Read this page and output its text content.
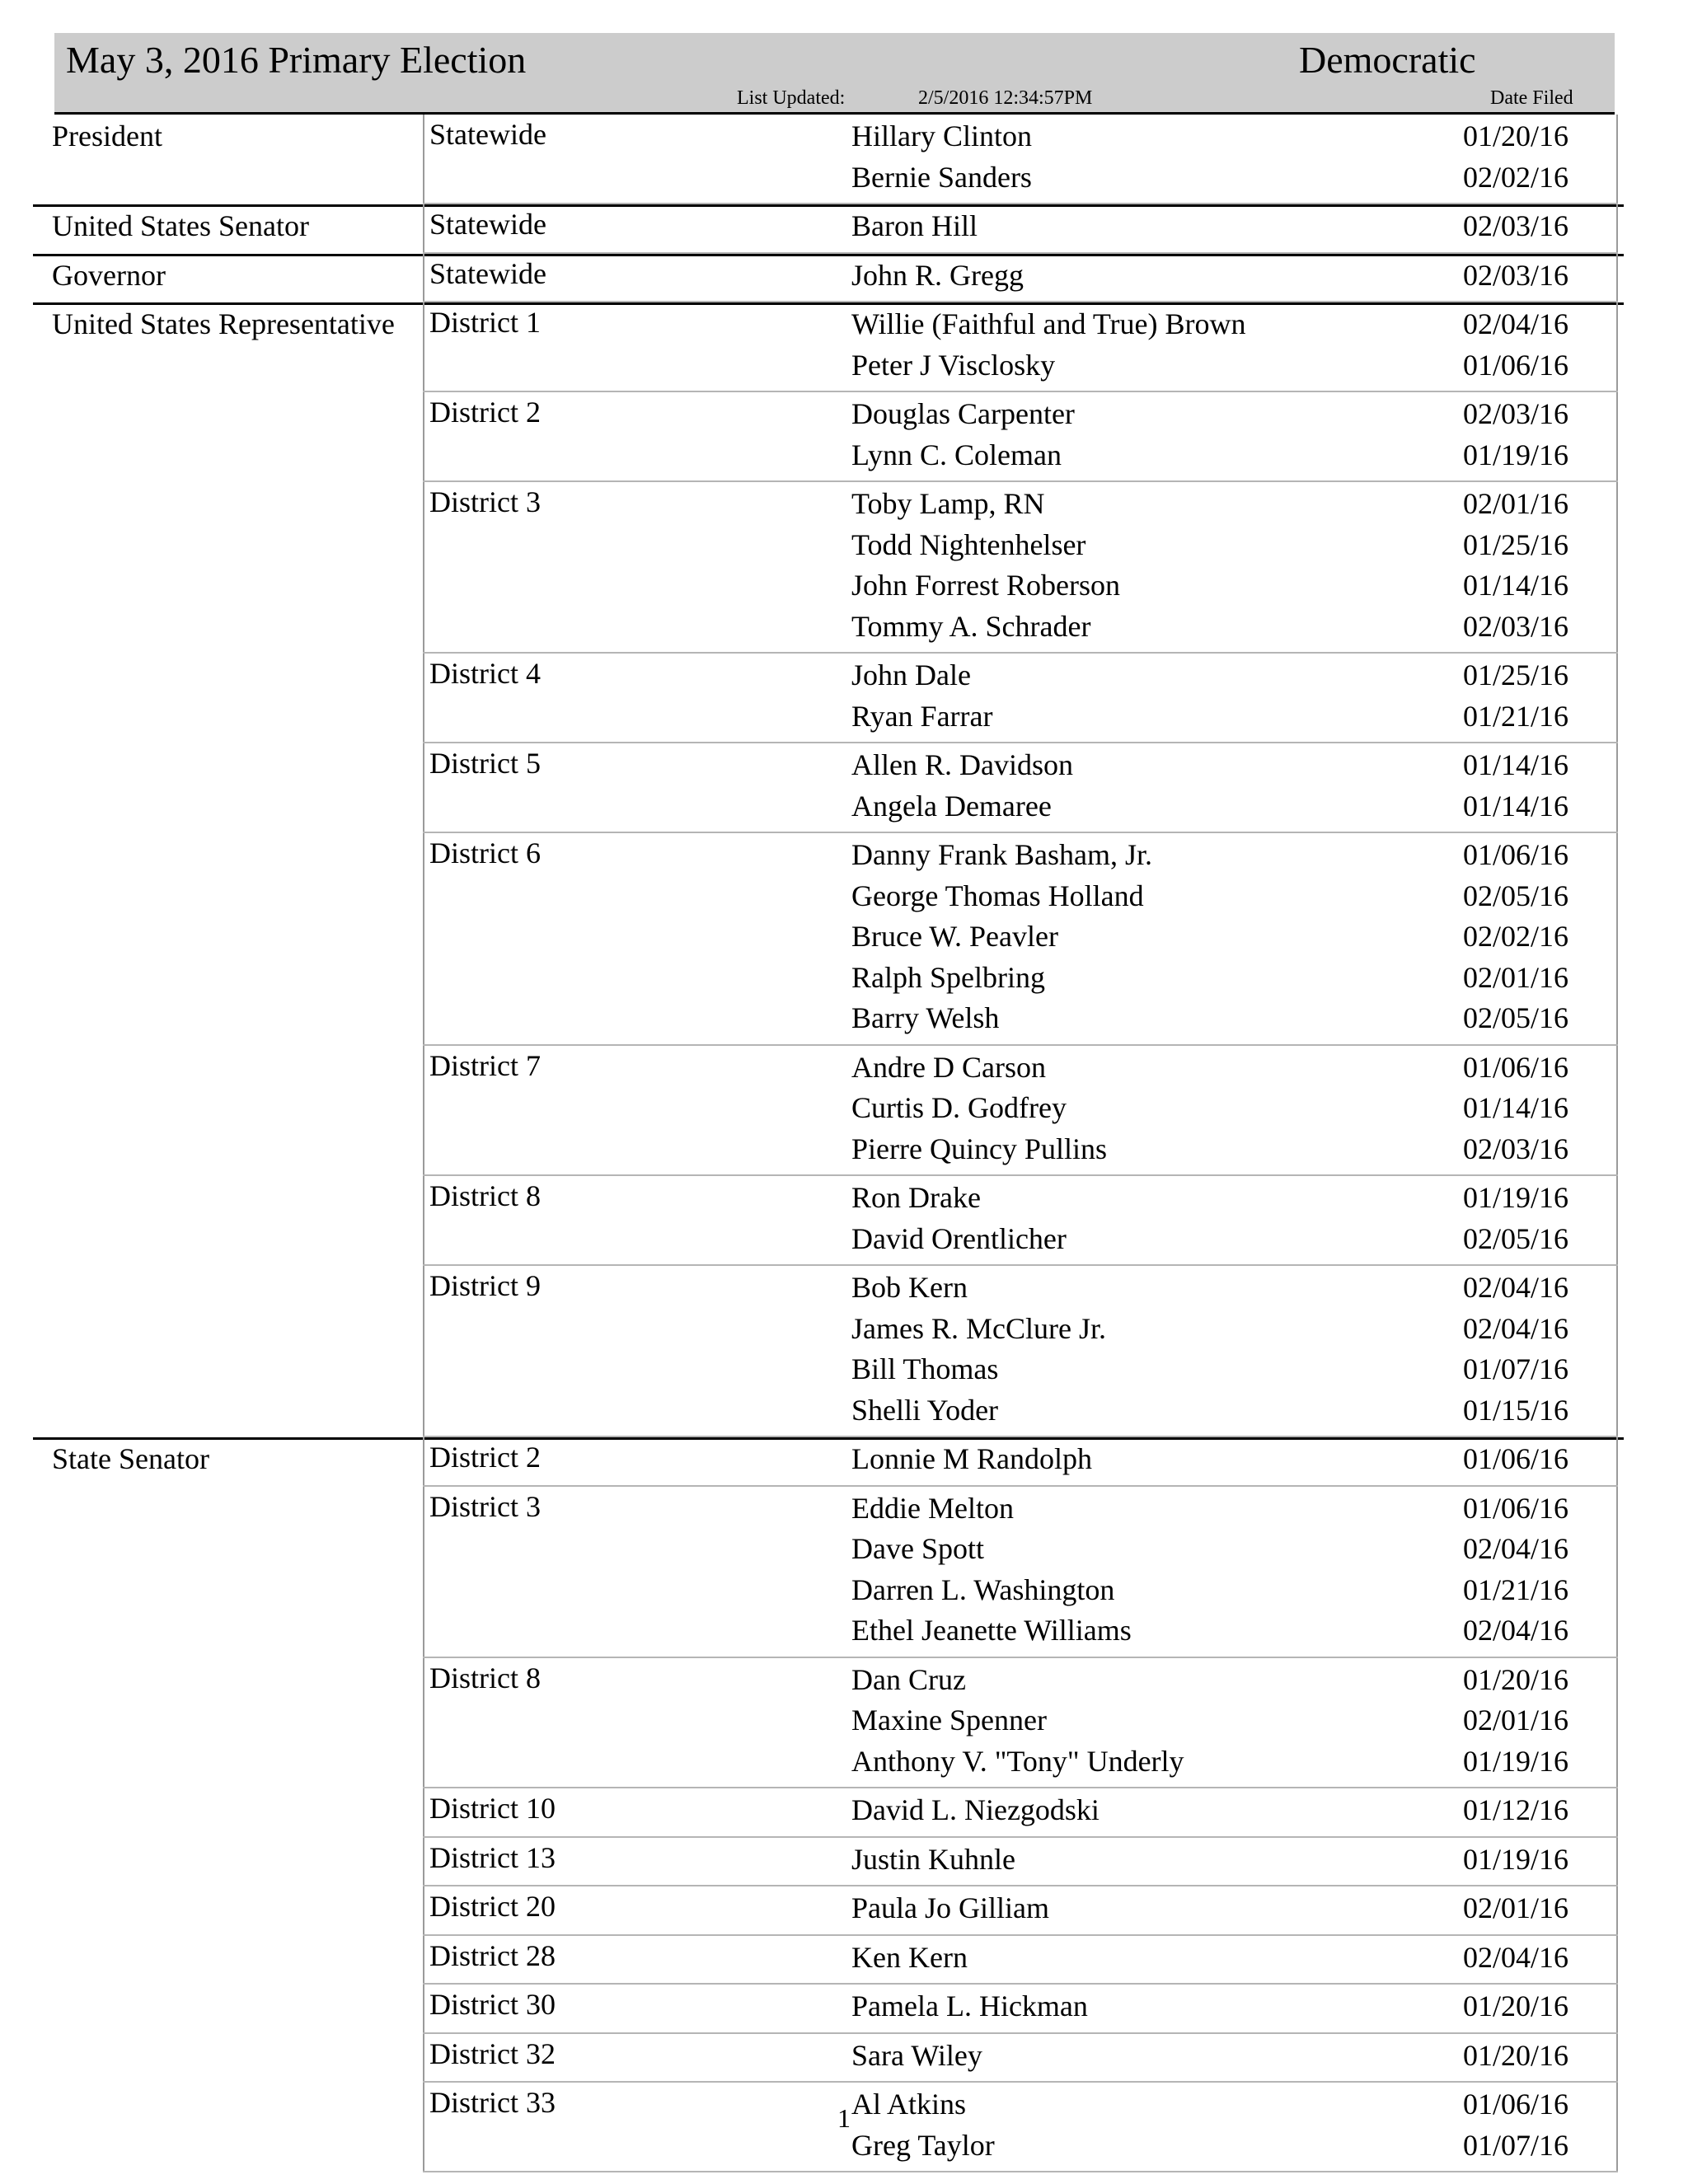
May 3, 2016 Primary Election	Democratic
List Updated:	2/5/2016 12:34:57PM	Date Filed
President	Statewide	Hillary Clinton	01/20/16
Bernie Sanders	02/02/16
United States Senator	Statewide	Baron Hill	02/03/16
Governor	Statewide	John R. Gregg	02/03/16
United States Representative District 1	Willie (Faithful and True) Brown	02/04/16
Peter J Visclosky	01/06/16
District 2	Douglas Carpenter	02/03/16
Lynn C. Coleman	01/19/16
District 3	Toby Lamp, RN	02/01/16
Todd Nightenhelser	01/25/16
John Forrest Roberson	01/14/16
Tommy A. Schrader	02/03/16
District 4	John Dale	01/25/16
Ryan Farrar	01/21/16
District 5	Allen R. Davidson	01/14/16
Angela Demaree	01/14/16
District 6	Danny Frank Basham, Jr.	01/06/16
George Thomas Holland	02/05/16
Bruce W. Peavler	02/02/16
Ralph Spelbring	02/01/16
Barry Welsh	02/05/16
District 7	Andre D Carson	01/06/16
Curtis D. Godfrey	01/14/16
Pierre Quincy Pullins	02/03/16
District 8	Ron Drake	01/19/16
David Orentlicher	02/05/16
District 9	Bob Kern	02/04/16
James R. McClure Jr.	02/04/16
Bill Thomas	01/07/16
Shelli Yoder	01/15/16
State Senator	District 2	Lonnie M Randolph	01/06/16
District 3	Eddie Melton	01/06/16
Dave Spott	02/04/16
Darren L. Washington	01/21/16
Ethel Jeanette Williams	02/04/16
District 8	Dan Cruz	01/20/16
Maxine Spenner	02/01/16
Anthony V. "Tony" Underly	01/19/16
District 10	David L. Niezgodski	01/12/16
District 13	Justin Kuhnle	01/19/16
District 20	Paula Jo Gilliam	02/01/16
District 28	Ken Kern	02/04/16
District 30	Pamela L. Hickman	01/20/16
District 32	Sara Wiley	01/20/16
District 33	Al Atkins	01/06/16
Greg Taylor	01/07/16
1
